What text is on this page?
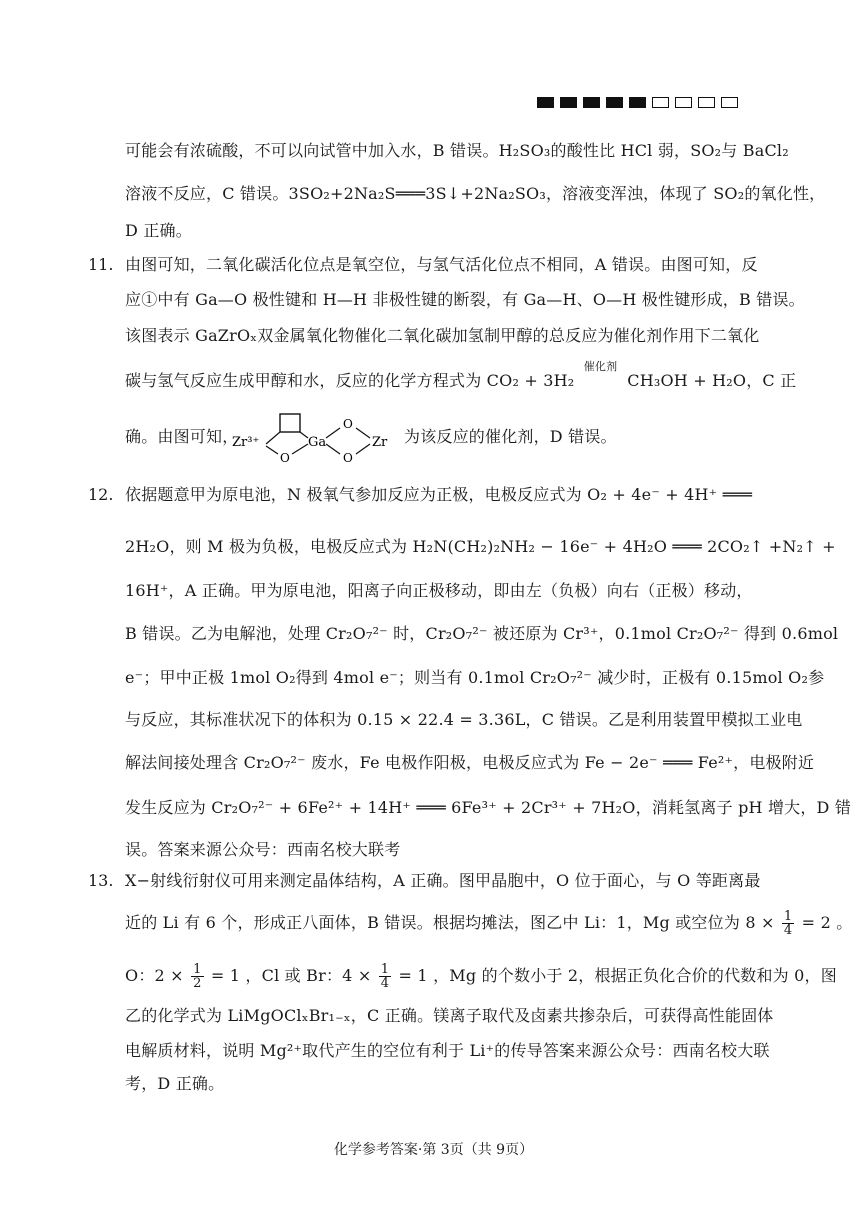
可能会有浓硫酸，不可以向试管中加入水，B 错误。H₂SO₃的酸性比 HCl 弱，SO₂与 BaCl₂
溶液不反应，C 错误。3SO₂+2Na₂S═══3S↓+2Na₂SO₃，溶液变浑浊，体现了 SO₂的氧化性，
D 正确。
11. 由图可知，二氧化碳活化位点是氧空位，与氢气活化位点不相同，A 错误。由图可知，反
应①中有 Ga—O 极性键和 H—H 非极性键的断裂，有 Ga—H、O—H 极性键形成，B 错误。
该图表示 GaZrOₓ双金属氧化物催化二氧化碳加氢制甲醇的总反应为催化剂作用下二氧化
碳与氢气反应生成甲醇和水，反应的化学方程式为 CO₂ + 3H₂
催化剂
CH₃OH + H₂O，C 正
确。由图可知，	为该反应的催化剂，D 错误。
Zr³⁺
O
Ga
O
O
Zr
12. 依据题意甲为原电池，N 极氧气参加反应为正极，电极反应式为 O₂ + 4e⁻ + 4H⁺ ═══
2H₂O，则 M 极为负极，电极反应式为 H₂N(CH₂)₂NH₂ − 16e⁻ + 4H₂O ═══ 2CO₂↑ +N₂↑ +
16H⁺，A 正确。甲为原电池，阳离子向正极移动，即由左（负极）向右（正极）移动，
B 错误。乙为电解池，处理 Cr₂O₇²⁻ 时，Cr₂O₇²⁻ 被还原为 Cr³⁺，0.1mol Cr₂O₇²⁻ 得到 0.6mol
e⁻；甲中正极 1mol O₂得到 4mol e⁻；则当有 0.1mol Cr₂O₇²⁻ 减少时，正极有 0.15mol O₂参
与反应，其标准状况下的体积为 0.15 × 22.4 = 3.36L，C 错误。乙是利用装置甲模拟工业电
解法间接处理含 Cr₂O₇²⁻ 废水，Fe 电极作阳极，电极反应式为 Fe − 2e⁻ ═══ Fe²⁺，电极附近
发生反应为 Cr₂O₇²⁻ + 6Fe²⁺ + 14H⁺ ═══ 6Fe³⁺ + 2Cr³⁺ + 7H₂O，消耗氢离子 pH 增大，D 错
误。答案来源公众号：西南名校大联考
13. X−射线衍射仪可用来测定晶体结构，A 正确。图甲晶胞中，O 位于面心，与 O 等距离最
近的 Li 有 6 个，形成正八面体，B 错误。根据均摊法，图乙中 Li：1，Mg 或空位为 $8 \times \frac{1}{4} = 2$ 。
O：$2 \times \frac{1}{2} = 1$ ，Cl 或 Br：$4 \times \frac{1}{4} = 1$ ，Mg 的个数小于 2，根据正负化合价的代数和为 0，图
乙的化学式为 LiMgOClₓBr₁₋ₓ，C 正确。镁离子取代及卤素共掺杂后，可获得高性能固体
电解质材料，说明 Mg²⁺取代产生的空位有利于 Li⁺的传导答案来源公众号：西南名校大联
考，D 正确。
化学参考答案·第 3页（共 9页）
